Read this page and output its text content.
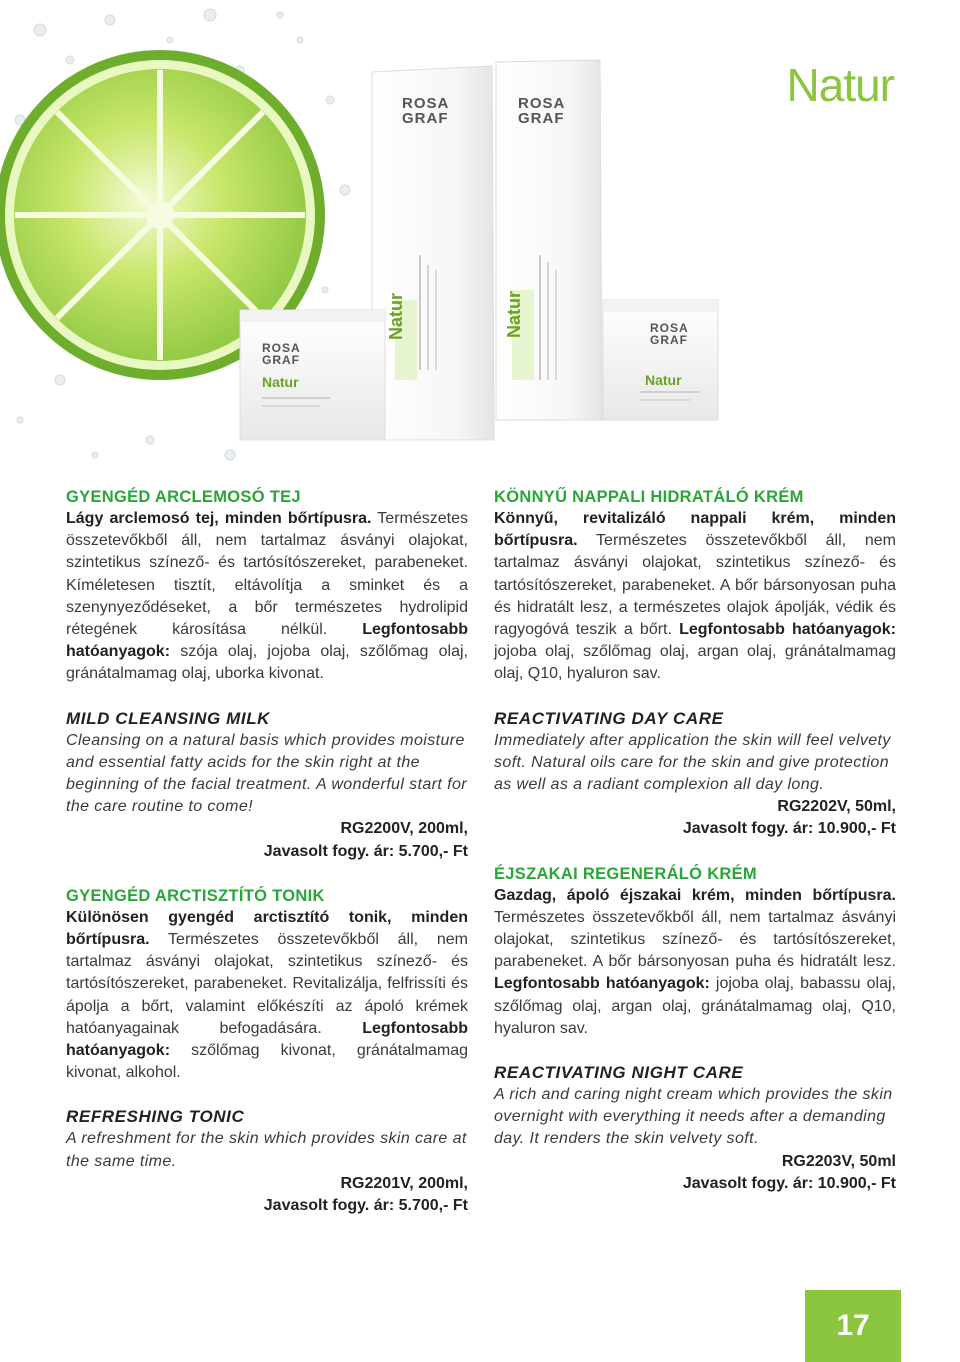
ROSA
GRAF
ROSA
GRAF
ROSA
GRAF
ROSA
GRAF
Natur	Natur
Natur	Natur
Natur
GYENGÉD ARCLEMOSÓ TEJ

Lágy arclemosó tej, minden bőrtípusra. Természetes összetevőkből áll, nem tartalmaz ásványi olajokat, szintetikus színező- és tartósítószereket, parabeneket. Kíméletesen tisztít, eltávolítja a sminket és a szenynyeződéseket, a bőr természetes hydrolipid rétegének károsítása nélkül. Legfontosabb hatóanyagok: szója olaj, jojoba olaj, szőlőmag olaj, gránátalmamag olaj, uborka kivonat.

MILD CLEANSING MILK

Cleansing on a natural basis which provides moisture and essential fatty acids for the skin right at the beginning of the facial treatment. A wonderful start for the care routine to come!

RG2200V, 200ml,
Javasolt fogy. ár: 5.700,- Ft
GYENGÉD ARCTISZTÍTÓ TONIK

Különösen gyengéd arctisztító tonik, minden bőrtípusra. Természetes összetevőkből áll, nem tartalmaz ásványi olajokat, szintetikus színező- és tartósítószereket, parabeneket. Revitalizálja, felfrissíti és ápolja a bőrt, valamint előkészíti az ápoló krémek hatóanyagainak befogadására. Legfontosabb hatóanyagok: szőlőmag kivonat, gránátalmamag kivonat, alkohol.

REFRESHING TONIC

A refreshment for the skin which provides skin care at the same time.

RG2201V, 200ml,
Javasolt fogy. ár: 5.700,- Ft
KÖNNYŰ NAPPALI HIDRATÁLÓ KRÉM

Könnyű, revitalizáló nappali krém, minden bőrtípusra. Természetes összetevőkből áll, nem tartalmaz ásványi olajokat, szintetikus színező- és tartósítószereket, parabeneket. A bőr bársonyosan puha és hidratált lesz, a természetes olajok ápolják, védik és ragyogóvá teszik a bőrt. Legfontosabb hatóanyagok: jojoba olaj, szőlőmag olaj, argan olaj, gránátalmamag olaj, Q10, hyaluron sav.

REACTIVATING DAY CARE

Immediately after application the skin will feel velvety soft. Natural oils care for the skin and give protection as well as a radiant complexion all day long.

RG2202V, 50ml,
Javasolt fogy. ár: 10.900,- Ft
ÉJSZAKAI REGENERÁLÓ KRÉM

Gazdag, ápoló éjszakai krém, minden bőrtípusra. Természetes összetevőkből áll, nem tartalmaz ásványi olajokat, szintetikus színező- és tartósítószereket, parabeneket. A bőr bársonyosan puha és hidratált lesz. Legfontosabb hatóanyagok: jojoba olaj, babassu olaj, szőlőmag olaj, argan olaj, gránátalmamag olaj, Q10, hyaluron sav.

REACTIVATING NIGHT CARE

A rich and caring night cream which provides the skin overnight with everything it needs after a demanding day. It renders the skin velvety soft.

RG2203V, 50ml
Javasolt fogy. ár: 10.900,- Ft
17
